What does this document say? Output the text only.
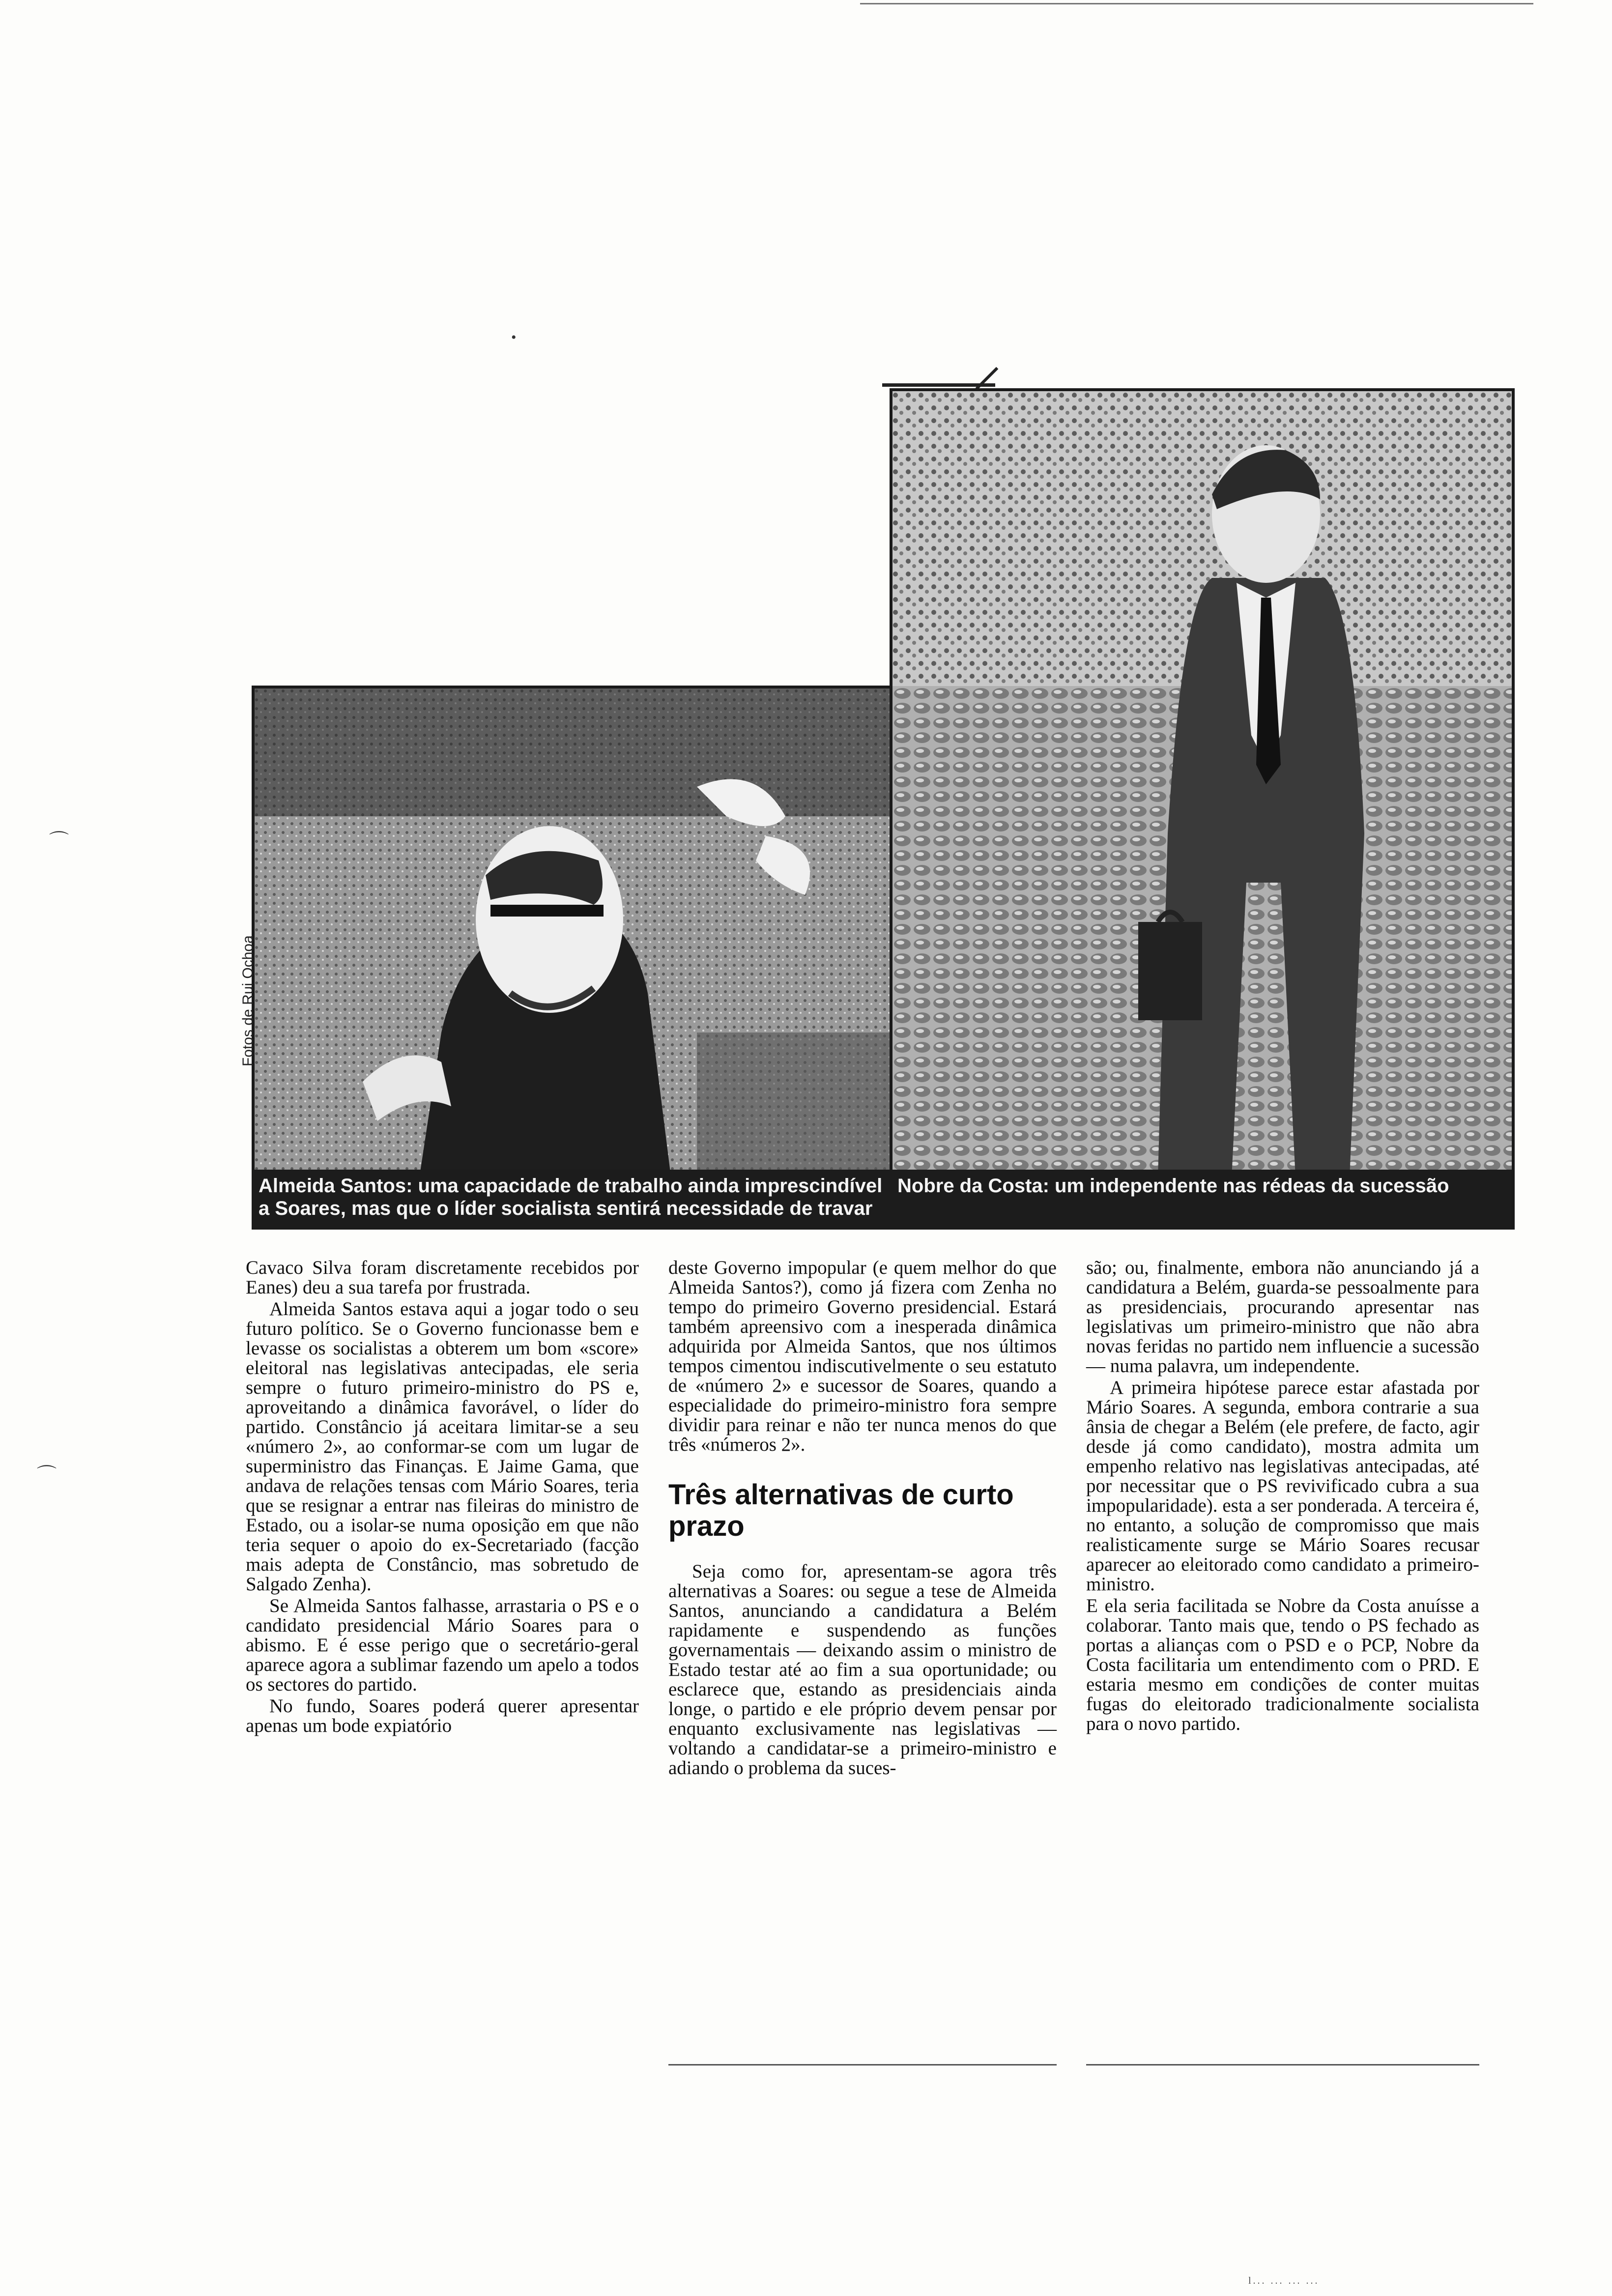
•
⌒
⌒
Fotos de Rui Ochoa
Almeida Santos: uma capacidade de trabalho ainda imprescindível a Soares, mas que o líder socialista sentirá necessidade de travar
Nobre da Costa: um independente nas rédeas da sucessão

Cavaco Silva foram discretamente recebidos por Eanes) deu a sua tarefa por frustrada.

Almeida Santos estava aqui a jogar todo o seu futuro político. Se o Governo funcionasse bem e levasse os socialistas a obterem um bom «score» eleitoral nas legislativas antecipadas, ele seria sempre o futuro primeiro-ministro do PS e, aproveitando a dinâmica favorável, o líder do partido. Constâncio já aceitara limitar-se a seu «número 2», ao conformar-se com um lugar de superministro das Finanças. E Jaime Gama, que andava de relações tensas com Mário Soares, teria que se resignar a entrar nas fileiras do ministro de Estado, ou a isolar-se numa oposição em que não teria sequer o apoio do ex-Secretariado (facção mais adepta de Constâncio, mas sobretudo de Salgado Zenha).

Se Almeida Santos falhasse, arrastaria o PS e o candidato presidencial Mário Soares para o abismo. E é esse perigo que o secretário-geral aparece agora a sublimar fazendo um apelo a todos os sectores do partido.

No fundo, Soares poderá querer apresentar apenas um bode expiatório

deste Governo impopular (e quem melhor do que Almeida Santos?), como já fizera com Zenha no tempo do primeiro Governo presidencial. Estará também apreensivo com a inesperada dinâmica adquirida por Almeida Santos, que nos últimos tempos cimentou indiscutivelmente o seu estatuto de «número 2» e sucessor de Soares, quando a especialidade do primeiro-ministro fora sempre dividir para reinar e não ter nunca menos do que três «números 2».

Três alternativas de curto prazo

Seja como for, apresentam-se agora três alternativas a Soares: ou segue a tese de Almeida Santos, anunciando a candidatura a Belém rapidamente e suspendendo as funções governamentais — deixando assim o ministro de Estado testar até ao fim a sua oportunidade; ou esclarece que, estando as presidenciais ainda longe, o partido e ele próprio devem pensar por enquanto exclusivamente nas legislativas — voltando a candidatar-se a primeiro-ministro e adiando o problema da suces-

são; ou, finalmente, embora não anunciando já a candidatura a Belém, guarda-se pessoalmente para as presidenciais, procurando apresentar nas legislativas um primeiro-ministro que não abra novas feridas no partido nem influencie a sucessão — numa palavra, um independente.

A primeira hipótese parece estar afastada por Mário Soares. A segunda, embora contrarie a sua ânsia de chegar a Belém (ele prefere, de facto, agir desde já como candidato), mostra admita um empenho relativo nas legislativas antecipadas, até por necessitar que o PS revivificado cubra a sua impopularidade). esta a ser ponderada. A terceira é, no entanto, a solução de compromisso que mais realisticamente surge se Mário Soares recusar aparecer ao eleitorado como candidato a primeiro-ministro.

E ela seria facilitada se Nobre da Costa anuísse a colaborar. Tanto mais que, tendo o PS fechado as portas a alianças com o PSD e o PCP, Nobre da Costa facilitaria um entendimento com o PRD. E estaria mesmo em condições de conter muitas fugas do eleitorado tradicionalmente socialista para o novo partido.

l... ... ... ...
